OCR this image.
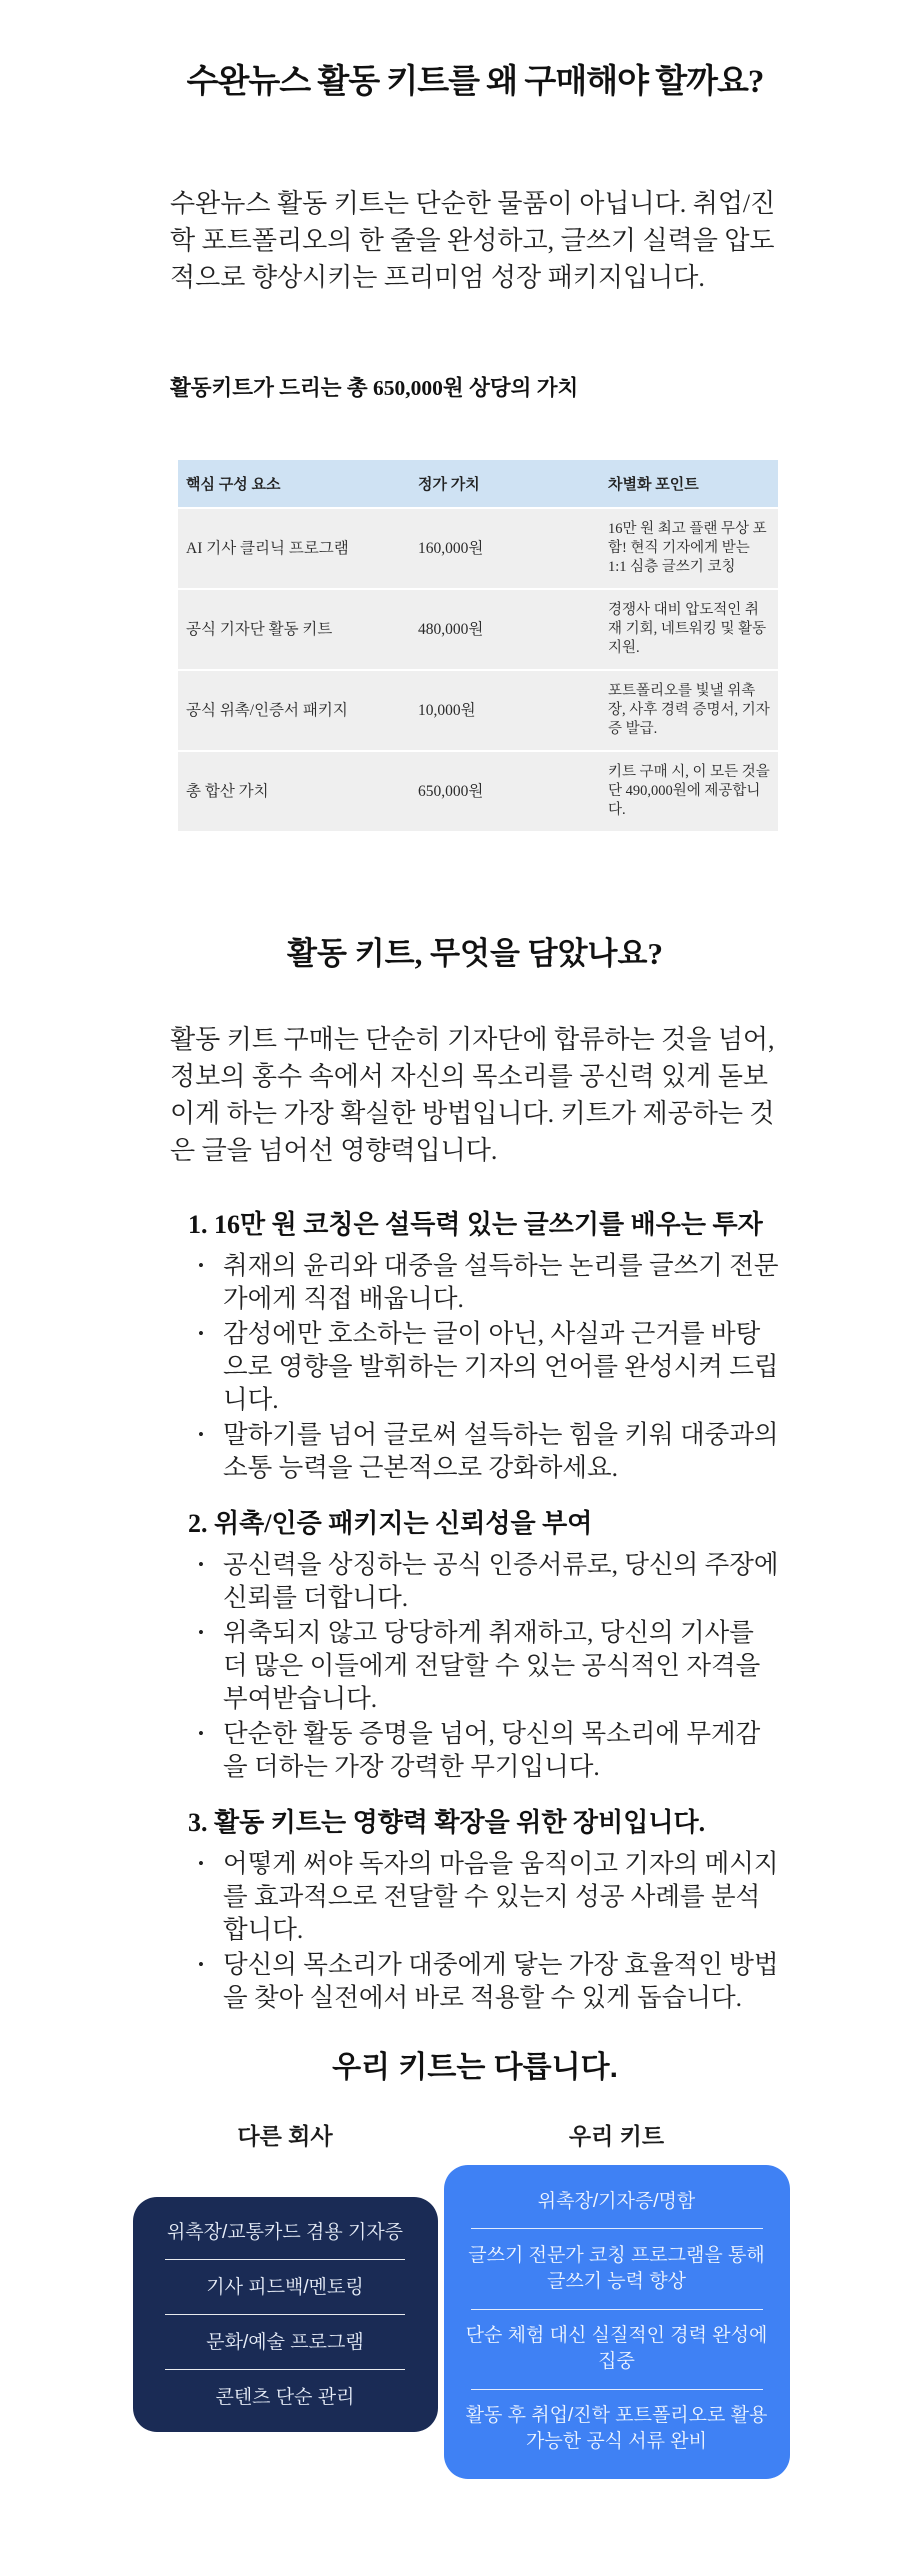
수완뉴스 활동 키트를 왜 구매해야 할까요?

수완뉴스 활동 키트는 단순한 물품이 아닙니다. 취업/진학 포트폴리오의 한 줄을 완성하고, 글쓰기 실력을 압도적으로 향상시키는 프리미엄 성장 패키지입니다.

활동키트가 드리는 총 650,000원 상당의 가치
핵심 구성 요소	정가 가치	차별화 포인트
AI 기사 클리닉 프로그램	160,000원	16만 원 최고 플랜 무상 포함! 현직 기자에게 받는 1:1 심층 글쓰기 코칭
공식 기자단 활동 키트	480,000원	경쟁사 대비 압도적인 취재 기회, 네트워킹 및 활동 지원.
공식 위촉/인증서 패키지	10,000원	포트폴리오를 빛낼 위촉장, 사후 경력 증명서, 기자증 발급.
총 합산 가치	650,000원	키트 구매 시, 이 모든 것을 단 490,000원에 제공합니다.
활동 키트, 무엇을 담았나요?

활동 키트 구매는 단순히 기자단에 합류하는 것을 넘어, 정보의 홍수 속에서 자신의 목소리를 공신력 있게 돋보이게 하는 가장 확실한 방법입니다. 키트가 제공하는 것은 글을 넘어선 영향력입니다.

1. 16만 원 코칭은 설득력 있는 글쓰기를 배우는 투자

• 취재의 윤리와 대중을 설득하는 논리를 글쓰기 전문가에게 직접 배웁니다.
• 감성에만 호소하는 글이 아닌, 사실과 근거를 바탕으로 영향을 발휘하는 기자의 언어를 완성시켜 드립니다.
• 말하기를 넘어 글로써 설득하는 힘을 키워 대중과의 소통 능력을 근본적으로 강화하세요.

2. 위촉/인증 패키지는 신뢰성을 부여

• 공신력을 상징하는 공식 인증서류로, 당신의 주장에 신뢰를 더합니다.
• 위축되지 않고 당당하게 취재하고, 당신의 기사를 더 많은 이들에게 전달할 수 있는 공식적인 자격을 부여받습니다.
• 단순한 활동 증명을 넘어, 당신의 목소리에 무게감을 더하는 가장 강력한 무기입니다.

3. 활동 키트는 영향력 확장을 위한 장비입니다.

• 어떻게 써야 독자의 마음을 움직이고 기자의 메시지를 효과적으로 전달할 수 있는지 성공 사례를 분석합니다.
• 당신의 목소리가 대중에게 닿는 가장 효율적인 방법을 찾아 실전에서 바로 적용할 수 있게 돕습니다.
우리 키트는 다릅니다.
다른 회사	우리 키트
위촉장/교통카드 겸용 기자증
기사 피드백/멘토링
문화/예술 프로그램
콘텐츠 단순 관리
위촉장/기자증/명함
글쓰기 전문가 코칭 프로그램을 통해 글쓰기 능력 향상
단순 체험 대신 실질적인 경력 완성에 집중
활동 후 취업/진학 포트폴리오로 활용 가능한 공식 서류 완비
